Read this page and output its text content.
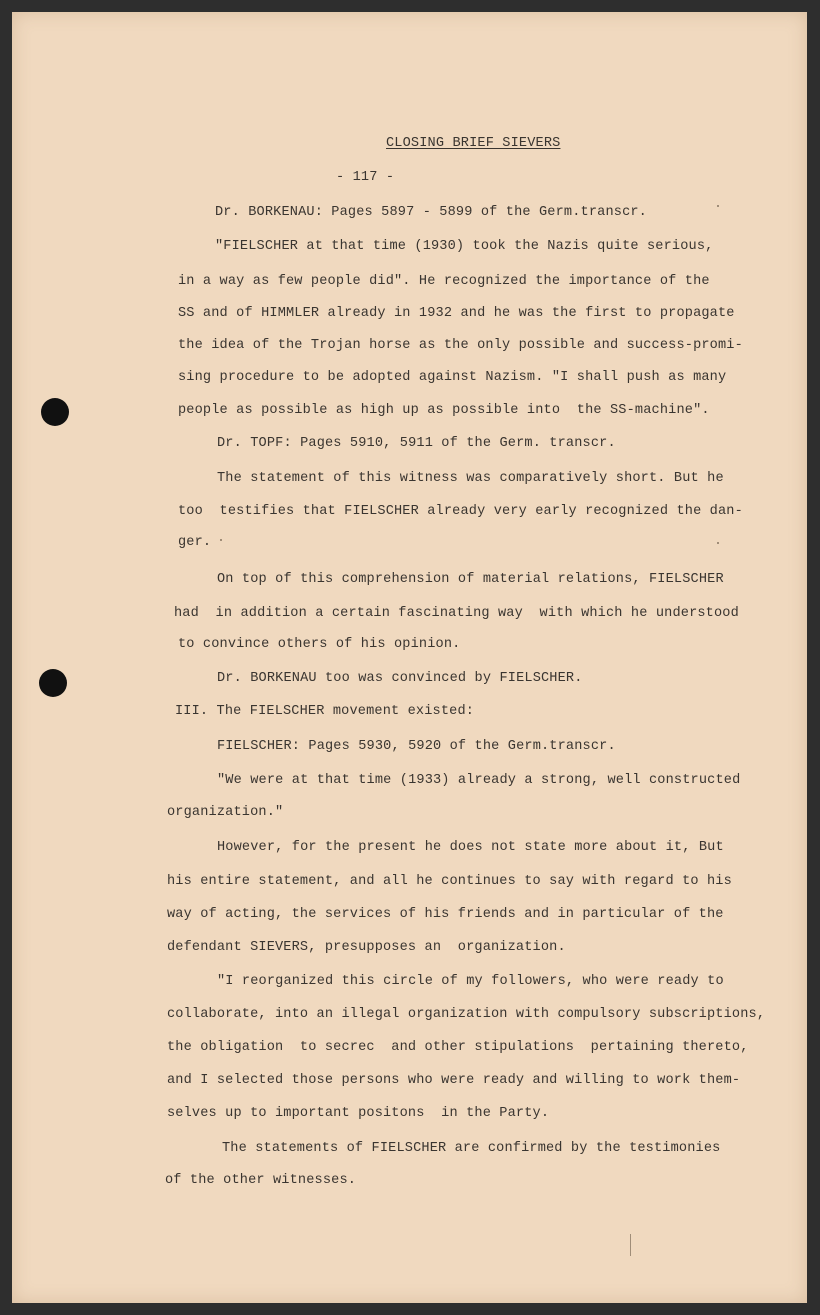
CLOSING BRIEF SIEVERS

- 117 -

Dr. BORKENAU: Pages 5897 - 5899 of the Germ.transcr.

"FIELSCHER at that time (1930) took the Nazis quite serious,

in a way as few people did". He recognized the importance of the

SS and of HIMMLER already in 1932 and he was the first to propagate

the idea of the Trojan horse as the only possible and success-promi-

sing procedure to be adopted against Nazism. "I shall push as many

people as possible as high up as possible into  the SS-machine".

Dr. TOPF: Pages 5910, 5911 of the Germ. transcr.

The statement of this witness was comparatively short. But he

too  testifies that FIELSCHER already very early recognized the dan-

ger.

On top of this comprehension of material relations, FIELSCHER

had  in addition a certain fascinating way  with which he understood

to convince others of his opinion.

Dr. BORKENAU too was convinced by FIELSCHER.

III. The FIELSCHER movement existed:

FIELSCHER: Pages 5930, 5920 of the Germ.transcr.

"We were at that time (1933) already a strong, well constructed

organization."

However, for the present he does not state more about it, But

his entire statement, and all he continues to say with regard to his

way of acting, the services of his friends and in particular of the

defendant SIEVERS, presupposes an  organization.

"I reorganized this circle of my followers, who were ready to

collaborate, into an illegal organization with compulsory subscriptions,

the obligation  to secrec  and other stipulations  pertaining thereto,

and I selected those persons who were ready and willing to work them-

selves up to important positons  in the Party.

The statements of FIELSCHER are confirmed by the testimonies

of the other witnesses.
